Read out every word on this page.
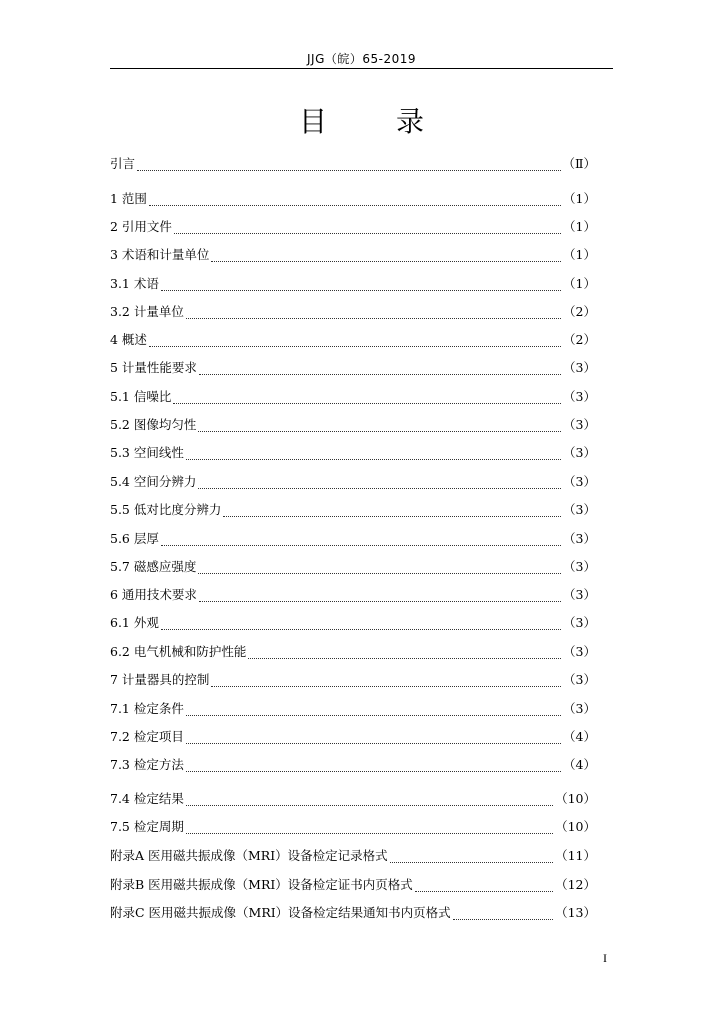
JJG（皖）65-2019
目 录
引言	（Ⅱ）
1 范围	（1）
2 引用文件	（1）
3 术语和计量单位	（1）
3.1 术语	（1）
3.2 计量单位	（2）
4 概述	（2）
5 计量性能要求	（3）
5.1 信噪比	（3）
5.2 图像均匀性	（3）
5.3 空间线性	（3）
5.4 空间分辨力	（3）
5.5 低对比度分辨力	（3）
5.6 层厚	（3）
5.7 磁感应强度	（3）
6 通用技术要求	（3）
6.1 外观	（3）
6.2 电气机械和防护性能	（3）
7 计量器具的控制	（3）
7.1 检定条件	（3）
7.2 检定项目	（4）
7.3 检定方法	（4）
7.4 检定结果	（10）
7.5 检定周期	（10）
附录A 医用磁共振成像（MRI）设备检定记录格式	（11）
附录B 医用磁共振成像（MRI）设备检定证书内页格式	（12）
附录C 医用磁共振成像（MRI）设备检定结果通知书内页格式	（13）
I
